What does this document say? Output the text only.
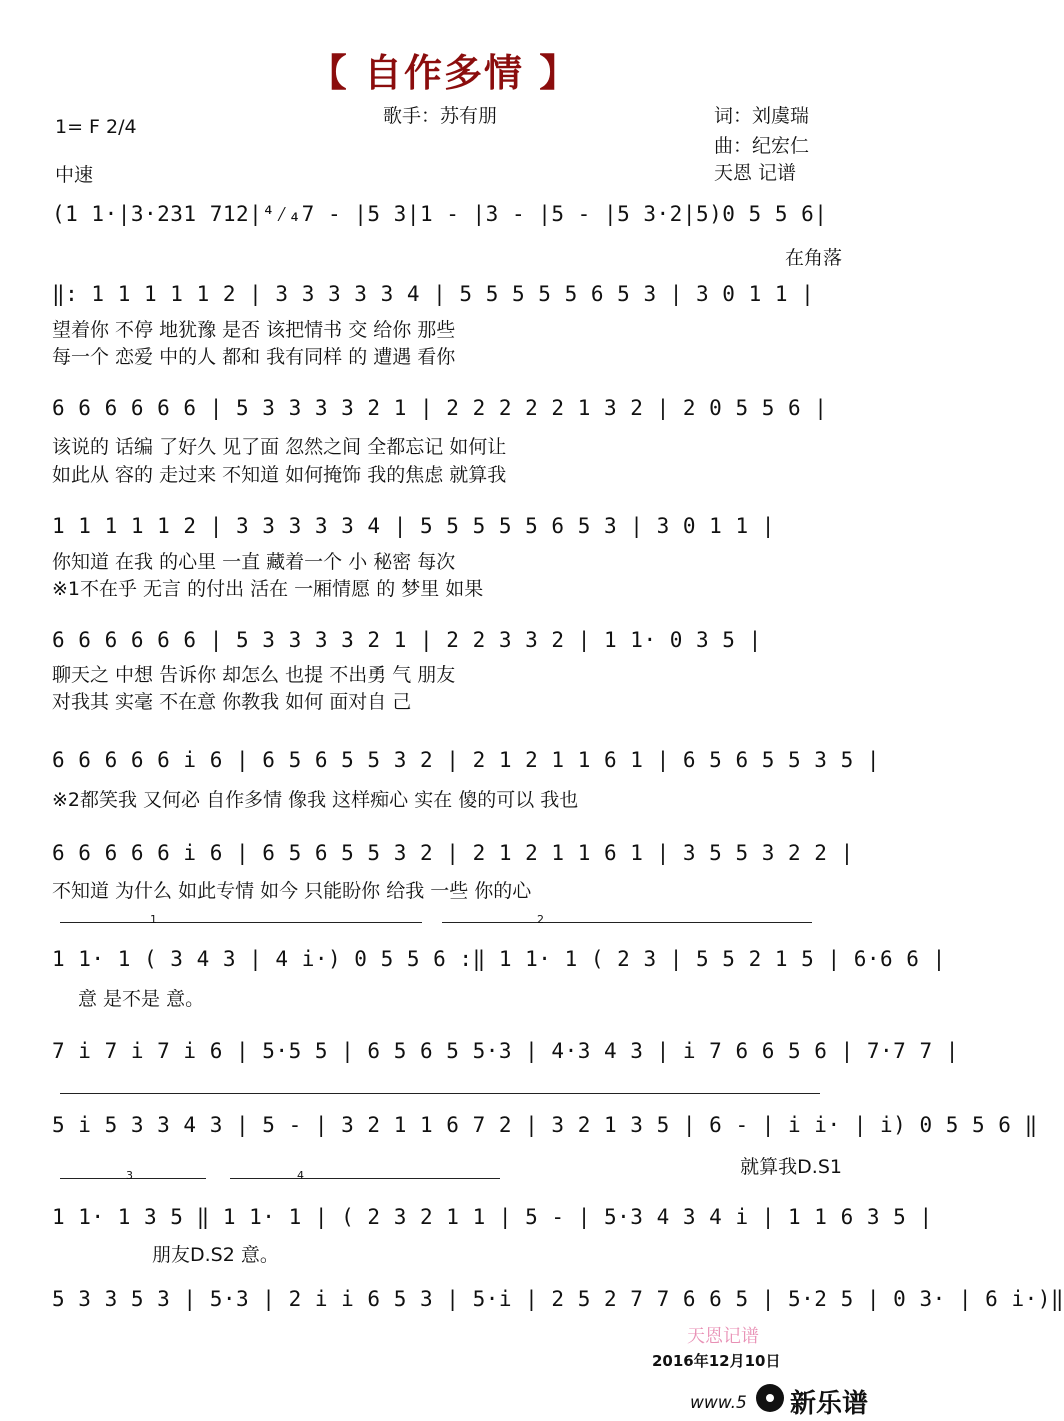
【 自作多情 】
1= F 2/4
中速
歌手：苏有朋	词：刘虞瑞
曲：纪宏仁
天恩 记谱
(1 1·|3·231 712|⁴⁄₄7 - |5 3|1 - |3 - |5 - |5 3·2|5)0 5 5 6|
在角落
‖: 1 1 1 1 1 2 | 3 3 3 3 3 4 | 5 5 5 5 5 6 5 3 | 3 0 1 1 |
望着你 不停 地犹豫 是否 该把情书 交 给你 那些
每一个 恋爱 中的人 都和 我有同样 的 遭遇 看你
6 6 6 6 6 6 | 5 3 3 3 3 2 1 | 2 2 2 2 2 1 3 2 | 2 0 5 5 6 |
该说的 话编 了好久 见了面 忽然之间 全都忘记 如何让
如此从 容的 走过来 不知道 如何掩饰 我的焦虑 就算我
1 1 1 1 1 2 | 3 3 3 3 3 4 | 5 5 5 5 5 6 5 3 | 3 0 1 1 |
你知道 在我 的心里 一直 藏着一个 小 秘密 每次
※1不在乎 无言 的付出 活在 一厢情愿 的 梦里 如果
6 6 6 6 6 6 | 5 3 3 3 3 2 1 | 2 2 3 3 2 | 1 1· 0 3 5 |
聊天之 中想 告诉你 却怎么 也提 不出勇 气 朋友
对我其 实毫 不在意 你教我 如何 面对自 己
6 6 6 6 6 i 6 | 6 5 6 5 5 3 2 | 2 1 2 1 1 6 1 | 6 5 6 5 5 3 5 |
※2都笑我 又何必 自作多情 像我 这样痴心 实在 傻的可以 我也
6 6 6 6 6 i 6 | 6 5 6 5 5 3 2 | 2 1 2 1 1 6 1 | 3 5 5 3 2 2 |
不知道 为什么 如此专情 如今 只能盼你 给我 一些 你的心
1	2
1 1· 1 ( 3 4 3 | 4 i·) 0 5 5 6 :‖ 1 1· 1 ( 2 3 | 5 5 2 1 5 | 6·6 6 |
意 是不是 意。
7 i 7 i 7 i 6 | 5·5 5 | 6 5 6 5 5·3 | 4·3 4 3 | i 7 6 6 5 6 | 7·7 7 |
5 i 5 3 3 4 3 | 5 - | 3 2 1 1 6 7 2 | 3 2 1 3 5 | 6 - | i i· | i) 0 5 5 6 ‖
就算我D.S1
3	4
1 1· 1 3 5 ‖ 1 1· 1 | ( 2 3 2 1 1 | 5 - | 5·3 4 3 4 i | 1 1 6 3 5 |
朋友D.S2 意。
5 3 3 5 3 | 5·3 | 2 i i 6 5 3 | 5·i | 2 5 2 7 7 6 6 5 | 5·2 5 | 0 3· | 6 i·)‖
天恩记谱
2016年12月10日
www.5 新乐谱
